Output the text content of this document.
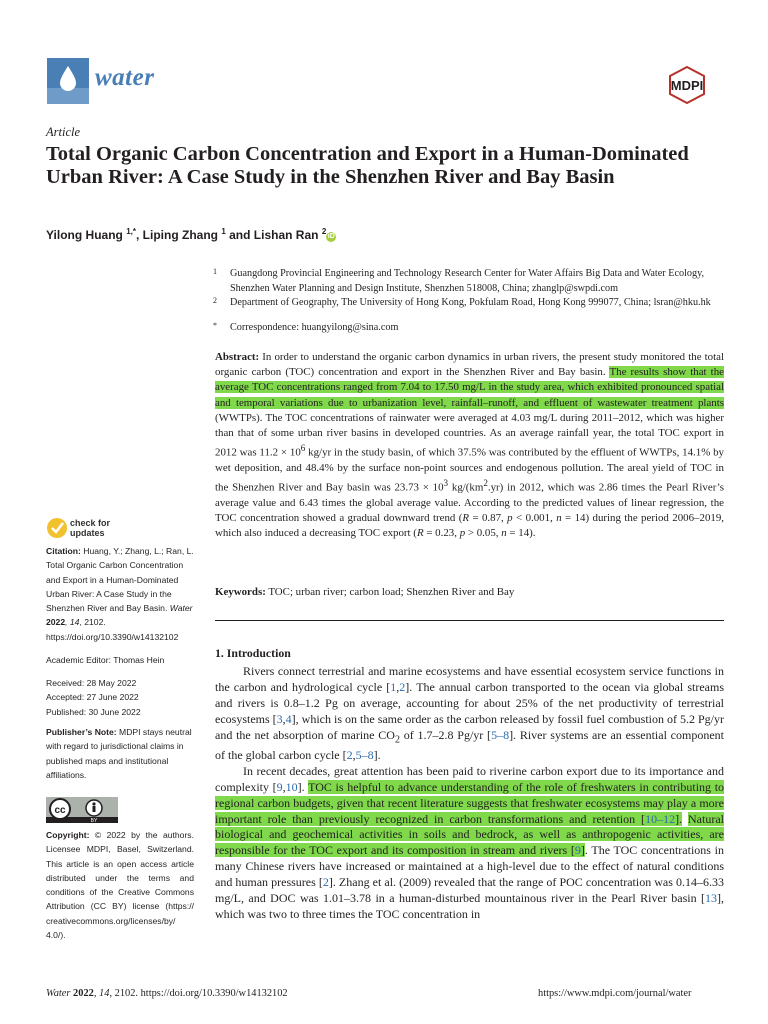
water	MDPI
Article
Total Organic Carbon Concentration and Export in a Human-Dominated Urban River: A Case Study in the Shenzhen River and Bay Basin
Yilong Huang $^{1,*}$, Liping Zhang $^1$ and Lishan Ran $^2$iD
1 Guangdong Provincial Engineering and Technology Research Center for Water Affairs Big Data and Water Ecology, Shenzhen Water Planning and Design Institute, Shenzhen 518008, China; zhanglp@swpdi.com
2 Department of Geography, The University of Hong Kong, Pokfulam Road, Hong Kong 999077, China; lsran@hku.hk
* Correspondence: huangyilong@sina.com
Abstract: In order to understand the organic carbon dynamics in urban rivers, the present study monitored the total organic carbon (TOC) concentration and export in the Shenzhen River and Bay basin. The results show that the average TOC concentrations ranged from 7.04 to 17.50 mg/L in the study area, which exhibited pronounced spatial and temporal variations due to urbanization level, rainfall–runoff, and effluent of wastewater treatment plants (WWTPs). The TOC concentrations of rainwater were averaged at 4.03 mg/L during 2011–2012, which was higher than that of some urban river basins in developed countries. As an average rainfall year, the total TOC export in 2012 was $11.2 \times 10^6$ kg/yr in the study basin, of which 37.5% was contributed by the effluent of WWTPs, 14.1% by wet deposition, and 48.4% by the surface non-point sources and endogenous pollution. The areal yield of TOC in the Shenzhen River and Bay basin was $23.73 \times 10^3$ $kg/(km^2.yr)$ in 2012, which was 2.86 times the Pearl River’s average value and 6.43 times the global average value. According to the predicted values of linear regression, the TOC concentration showed a gradual downward trend (R = 0.87, p < 0.001, n = 14) during the period 2006–2019, which also induced a decreasing TOC export (R = 0.23, p > 0.05, n = 14).
Keywords: TOC; urban river; carbon load; Shenzhen River and Bay
1. Introduction

Rivers connect terrestrial and marine ecosystems and have essential ecosystem service functions in the carbon and hydrological cycle [1,2]. The annual carbon transported to the ocean via global streams and rivers is 0.8–1.2 Pg on average, accounting for about 25% of the net productivity of terrestrial ecosystems [3,4], which is on the same order as the carbon released by fossil fuel combustion of 5.2 Pg/yr and the net absorption of marine $CO_2$ of 1.7–2.8 Pg/yr [5–8]. River systems are an essential component of the global carbon cycle [2,5–8].

In recent decades, great attention has been paid to riverine carbon export due to its importance and complexity [9,10]. TOC is helpful to advance understanding of the role of freshwaters in contributing to regional carbon budgets, given that recent literature suggests that freshwater ecosystems may play a more important role than previously recognized in carbon transformations and retention [10–12]. Natural biological and geochemical activities in soils and bedrock, as well as anthropogenic activities, are responsible for the TOC export and its composition in stream and rivers [9]. The TOC concentrations in many Chinese rivers have increased or maintained at a high-level due to the effect of natural conditions and human pressures [2]. Zhang et al. (2009) revealed that the range of POC concentration was 0.14–6.33 mg/L, and DOC was 1.01–3.78 in a human-disturbed mountainous river in the Pearl River basin [13], which was two to three times the TOC concentration in

check for
updates
Citation: Huang, Y.; Zhang, L.; Ran, L. Total Organic Carbon Concentration and Export in a Human-Dominated Urban River: A Case Study in the Shenzhen River and Bay Basin. Water 2022, 14, 2102. https://doi.org/10.3390/w14132102
Academic Editor: Thomas Hein
Received: 28 May 2022
Accepted: 27 June 2022
Published: 30 June 2022
Publisher’s Note: MDPI stays neutral with regard to jurisdictional claims in published maps and institutional affiliations.
cc
BY
Copyright: © 2022 by the authors. Licensee MDPI, Basel, Switzerland. This article is an open access article distributed under the terms and conditions of the Creative Commons Attribution (CC BY) license (https:// creativecommons.org/licenses/by/ 4.0/).
Water 2022, 14, 2102. https://doi.org/10.3390/w14132102	https://www.mdpi.com/journal/water
